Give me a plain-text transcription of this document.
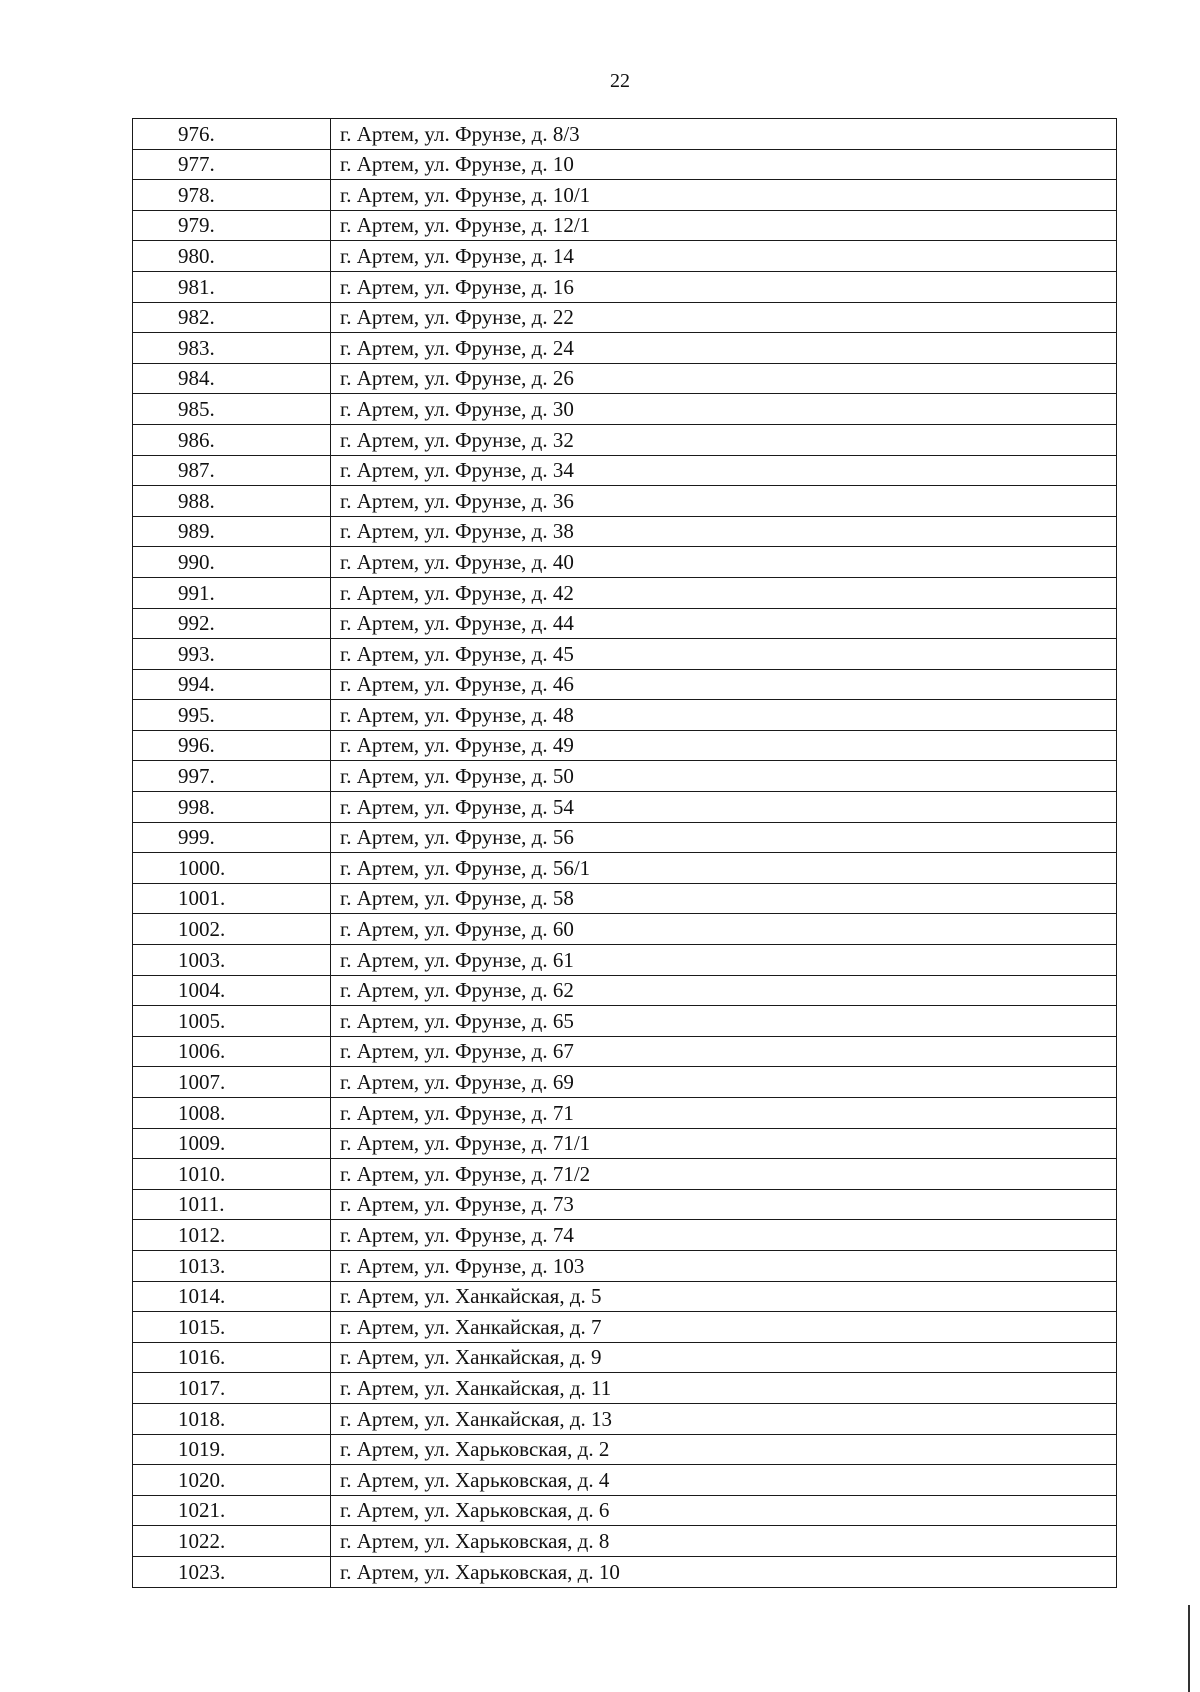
22
976.	г. Артем, ул. Фрунзе, д. 8/3
977.	г. Артем, ул. Фрунзе, д. 10
978.	г. Артем, ул. Фрунзе, д. 10/1
979.	г. Артем, ул. Фрунзе, д. 12/1
980.	г. Артем, ул. Фрунзе, д. 14
981.	г. Артем, ул. Фрунзе, д. 16
982.	г. Артем, ул. Фрунзе, д. 22
983.	г. Артем, ул. Фрунзе, д. 24
984.	г. Артем, ул. Фрунзе, д. 26
985.	г. Артем, ул. Фрунзе, д. 30
986.	г. Артем, ул. Фрунзе, д. 32
987.	г. Артем, ул. Фрунзе, д. 34
988.	г. Артем, ул. Фрунзе, д. 36
989.	г. Артем, ул. Фрунзе, д. 38
990.	г. Артем, ул. Фрунзе, д. 40
991.	г. Артем, ул. Фрунзе, д. 42
992.	г. Артем, ул. Фрунзе, д. 44
993.	г. Артем, ул. Фрунзе, д. 45
994.	г. Артем, ул. Фрунзе, д. 46
995.	г. Артем, ул. Фрунзе, д. 48
996.	г. Артем, ул. Фрунзе, д. 49
997.	г. Артем, ул. Фрунзе, д. 50
998.	г. Артем, ул. Фрунзе, д. 54
999.	г. Артем, ул. Фрунзе, д. 56
1000.	г. Артем, ул. Фрунзе, д. 56/1
1001.	г. Артем, ул. Фрунзе, д. 58
1002.	г. Артем, ул. Фрунзе, д. 60
1003.	г. Артем, ул. Фрунзе, д. 61
1004.	г. Артем, ул. Фрунзе, д. 62
1005.	г. Артем, ул. Фрунзе, д. 65
1006.	г. Артем, ул. Фрунзе, д. 67
1007.	г. Артем, ул. Фрунзе, д. 69
1008.	г. Артем, ул. Фрунзе, д. 71
1009.	г. Артем, ул. Фрунзе, д. 71/1
1010.	г. Артем, ул. Фрунзе, д. 71/2
1011.	г. Артем, ул. Фрунзе, д. 73
1012.	г. Артем, ул. Фрунзе, д. 74
1013.	г. Артем, ул. Фрунзе, д. 103
1014.	г. Артем, ул. Ханкайская, д. 5
1015.	г. Артем, ул. Ханкайская, д. 7
1016.	г. Артем, ул. Ханкайская, д. 9
1017.	г. Артем, ул. Ханкайская, д. 11
1018.	г. Артем, ул. Ханкайская, д. 13
1019.	г. Артем, ул. Харьковская, д. 2
1020.	г. Артем, ул. Харьковская, д. 4
1021.	г. Артем, ул. Харьковская, д. 6
1022.	г. Артем, ул. Харьковская, д. 8
1023.	г. Артем, ул. Харьковская, д. 10
